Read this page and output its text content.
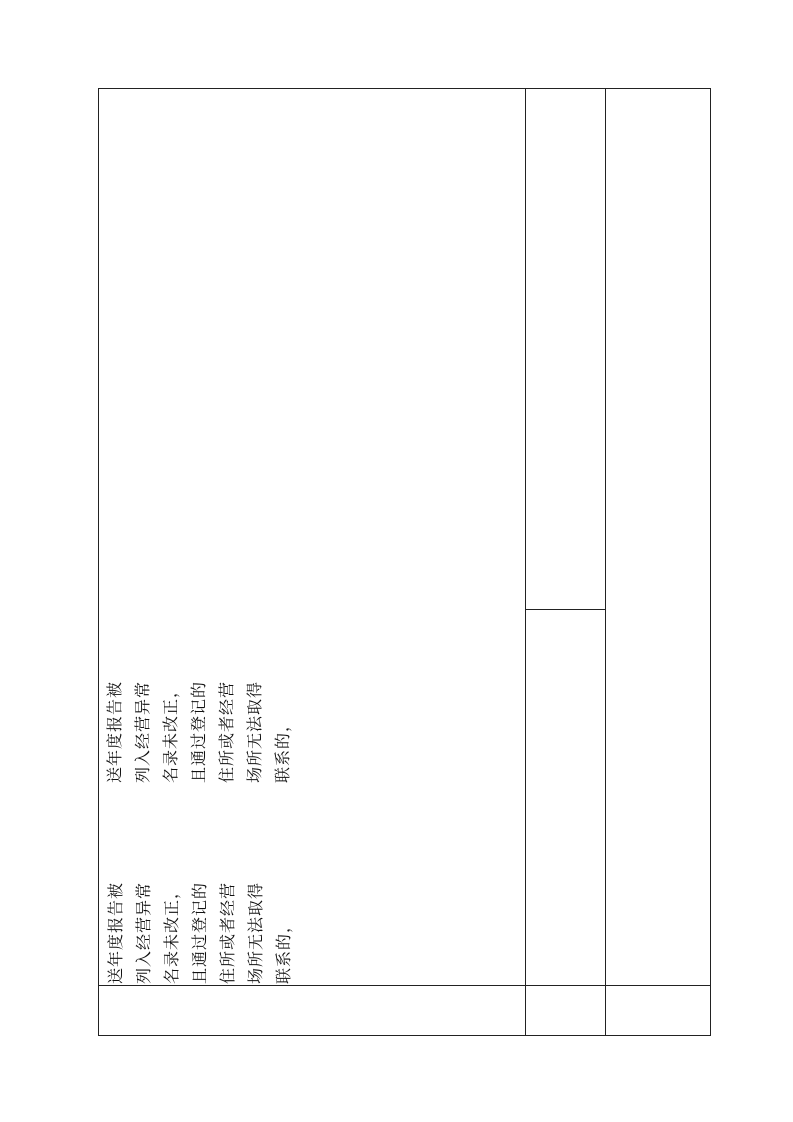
送年度报告被 列入经营异常 名录未改正， 且通过登记的 住所或者经营 场所无法取得 联系的，

送年度报告被 列入经营异常 名录未改正， 且通过登记的 住所或者经营 场所无法取得 联系的，
